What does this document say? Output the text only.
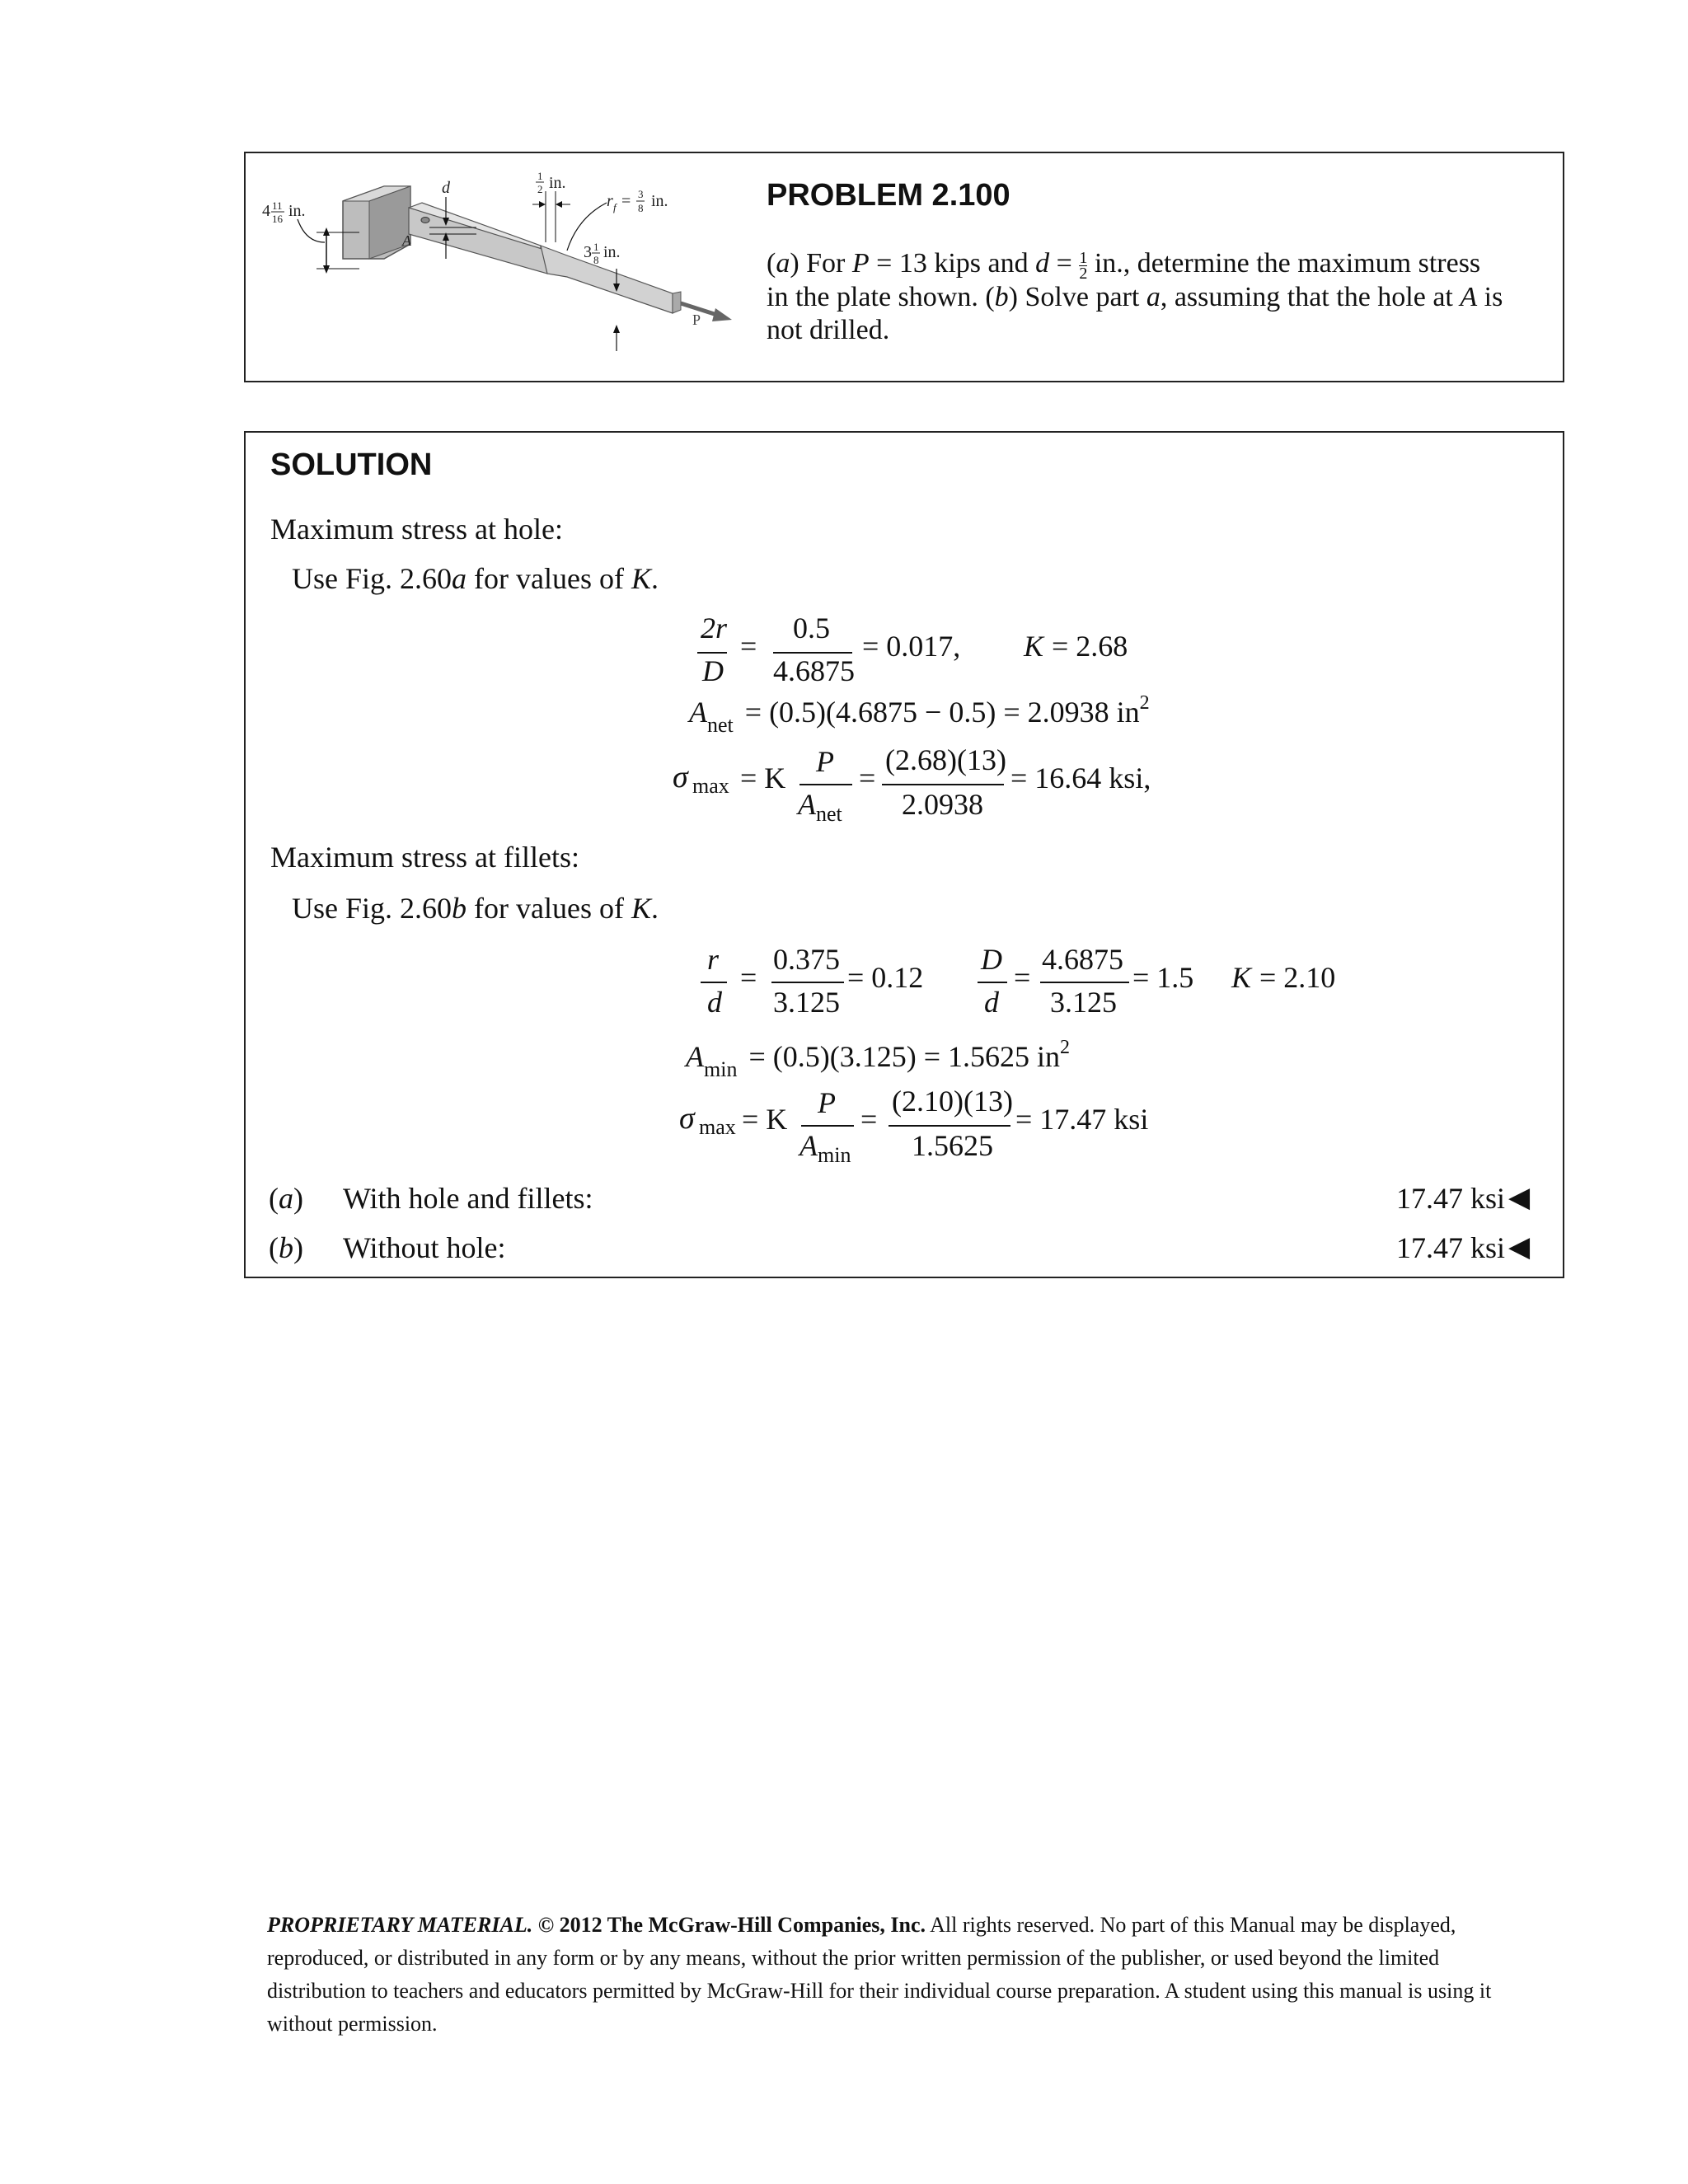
4 11
16 in.
d
1
2 in.
r f = 3
8 in.
3 1
8 in.
A
P
PROBLEM 2.100
(a) For P = 13 kips and $d = \frac{1}{2}$ in., determine the maximum stress
in the plate shown. (b) Solve part a, assuming that the hole at A is
not drilled.
SOLUTION
Maximum stress at hole:
Use Fig. 2.60a for values of K.
2r
D
=
0.5
4.6875
= 0.017, K = 2.68
$A_{net} = (0.5)(4.6875 - 0.5) = 2.0938$ $in^2$
σ max = K P
A net
=
(2.68)(13)
2.0938
= 16.64 ksi,
Maximum stress at fillets:
Use Fig. 2.60b for values of K.
r
d
=
0.375
3.125
= 0.12
D
d
=
4.6875
3.125
= 1.5 K = 2.10
$A_{min} = (0.5)(3.125) = 1.5625$ $in^2$
σ max = K P
A min
=
(2.10)(13)
1.5625
= 17.47 ksi
(a) With hole and fillets:	17.47 ksi ◀
(b) Without hole:	17.47 ksi ◀
PROPRIETARY MATERIAL. © 2012 The McGraw-Hill Companies, Inc. All rights reserved. No part of this Manual may be displayed,
reproduced, or distributed in any form or by any means, without the prior written permission of the publisher, or used beyond the limited
distribution to teachers and educators permitted by McGraw-Hill for their individual course preparation. A student using this manual is using it
without permission.
